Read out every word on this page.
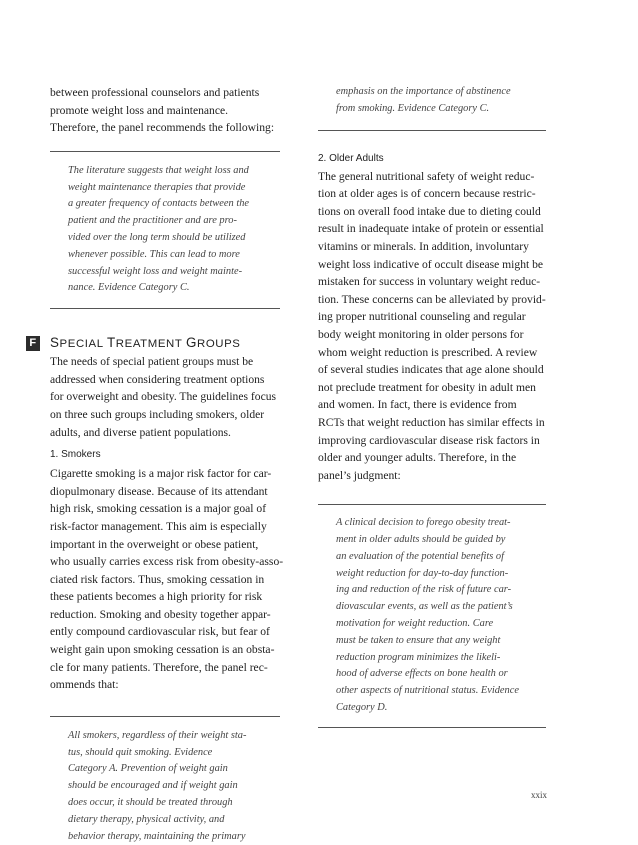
between professional counselors and patients
promote weight loss and maintenance.
Therefore, the panel recommends the following:
The literature suggests that weight loss and
weight maintenance therapies that provide
a greater frequency of contacts between the
patient and the practitioner and are pro-
vided over the long term should be utilized
whenever possible. This can lead to more
successful weight loss and weight mainte-
nance. Evidence Category C.
F SPECIAL TREATMENT GROUPS
The needs of special patient groups must be
addressed when considering treatment options
for overweight and obesity. The guidelines focus
on three such groups including smokers, older
adults, and diverse patient populations.
1. Smokers
Cigarette smoking is a major risk factor for car-
diopulmonary disease. Because of its attendant
high risk, smoking cessation is a major goal of
risk-factor management. This aim is especially
important in the overweight or obese patient,
who usually carries excess risk from obesity-asso-
ciated risk factors. Thus, smoking cessation in
these patients becomes a high priority for risk
reduction. Smoking and obesity together appar-
ently compound cardiovascular risk, but fear of
weight gain upon smoking cessation is an obsta-
cle for many patients. Therefore, the panel rec-
ommends that:
All smokers, regardless of their weight sta-
tus, should quit smoking. Evidence
Category A. Prevention of weight gain
should be encouraged and if weight gain
does occur, it should be treated through
dietary therapy, physical activity, and
behavior therapy, maintaining the primary
emphasis on the importance of abstinence
from smoking. Evidence Category C.
2. Older Adults
The general nutritional safety of weight reduc-
tion at older ages is of concern because restric-
tions on overall food intake due to dieting could
result in inadequate intake of protein or essential
vitamins or minerals. In addition, involuntary
weight loss indicative of occult disease might be
mistaken for success in voluntary weight reduc-
tion. These concerns can be alleviated by provid-
ing proper nutritional counseling and regular
body weight monitoring in older persons for
whom weight reduction is prescribed. A review
of several studies indicates that age alone should
not preclude treatment for obesity in adult men
and women. In fact, there is evidence from
RCTs that weight reduction has similar effects in
improving cardiovascular disease risk factors in
older and younger adults. Therefore, in the
panel’s judgment:
A clinical decision to forego obesity treat-
ment in older adults should be guided by
an evaluation of the potential benefits of
weight reduction for day-to-day function-
ing and reduction of the risk of future car-
diovascular events, as well as the patient’s
motivation for weight reduction. Care
must be taken to ensure that any weight
reduction program minimizes the likeli-
hood of adverse effects on bone health or
other aspects of nutritional status. Evidence
Category D.
xxix
